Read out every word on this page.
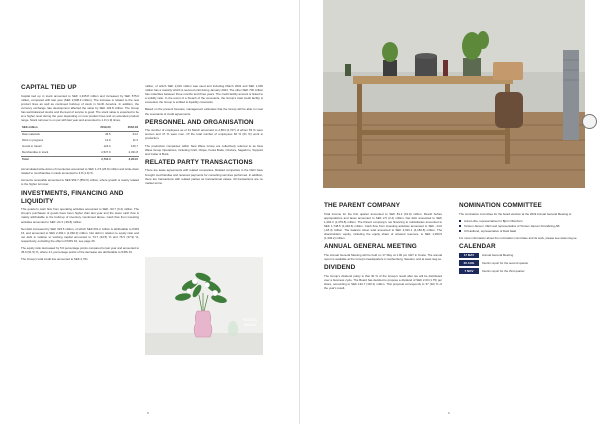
CAPITAL TIED UP

Capital tied up in stock amounted to SEK 1,345.8 million and increased by SEK 575.0 million, compared with last year (SEK 2,608.3 million). The increase is related to the new product lines as well as continued build-up of stock in North America. In addition, the currency exchange rate development affected the value by SEK 103.8 million. The Group has well-balanced stocks and the level of service is good. The stock value is expected to be at a higher level during the year depending on new product lines and an extended product range. Stock turnover is on par with last year and amounted to 1.9 (1.9) times.

SEK million	2019-03	2018-03
Raw materials	43.5	34.2
Work in progress	14.9	11.3
Goods in transit	124.0	146.7
Merchandise in stock	2,527.9	2,031.8
Total	2,710.3	2,224.0

Accumulated write-down of inventories amounted to SEK 1.2.5 (26.9) million and write-down related to merchandise in stock amounted to 3.8 (1.9) %.

Accounts receivable amounted to SEK 993.7 (854.5) million, where growth is mainly related to the higher turnover.

INVESTMENTS, FINANCING AND LIQUIDITY

This quarter's cash flow from operating activities amounted to SEK -93.7 (0.4) million. The Group's purchases of goods have been higher than last year and the lower cash flow is mainly attributable to the build-up of inventory mentioned above. Cash flow from investing activities amounted to SEK -24.3 (-39.8) million.

Net debt increased by SEK 323.5 million, of which SEK 601.2 million is attributable to IFRS 16, and amounted to SEK 2,464.1 (1,092.3) million. Net debt in relation to equity ratio and net debt in relation to working capital amounted to 73.7 (34.5) % and 76.5 (37.9) %, respectively, excluding the effect of IFRS 16, see page 26.

The equity ratio decreased by 5.6 percentage points compared to last year and amounted to 45.9 (51.5) %, where 4.1 percentage points of the decrease are attributable to IFRS 16.

The Group's total credit line amounted to SEK 2,761

million, of which SEK 2,010 million was used and including March 2022 and SEK 1,000 million has a maturity which is secured until during January 2024. The other SEK 700 million has maturities between three months and three years. The credit facility amount is linked to a solidity ratio. In the event of a breach of the covenants, the Group's total credit facility is exceeded, the Group is entitled to liquidity covenants.

Based on the present forecast, management estimates that the Group will be able to meet the covenants of credit agreements.

PERSONNEL AND ORGANISATION

The number of employees as of 31 March amounted to 2,864 (2,727) of whom 53 % were women and 47 % were men. Of the total number of employees 60 % (61 %) work in production.

The production companies within New Wave Group are collectively referred to as New Wave Group Operations, including Craft, Clique, Kosta Boda, Orrefors, Sagaform, Toppoint and Cutter & Buck.

RELATED PARTY TRANSACTIONS

There are lease agreements with related companies. Related companies in the CEO have brought merchandise and received payments for consulting services performed. In addition, there are transactions with related parties as transactional values. All transactions are on market terms.

KOSTA
BODA
8
THE PARENT COMPANY

Total income for the first quarter amounted to SEK 81.2 (61.9) million. Result before appropriations and taxes amounted to SEK 2.5 (2.4) million. Net debt amounted to SEK 1,494.3 (1,379.8) million. The Parent company's net financing to subsidiaries amounted to SEK 1,748.5 (1,434.6) million. Cash flow from investing activities amounted to SEK -14.6 (-18.4) million. The balance sheet total amounted to SEK 4,631.1 (4,184.8) million. The shareholders' equity, including the equity share of untaxed reserves, is SEK 1,393.5 (1,336.2) million.

ANNUAL GENERAL MEETING

The Annual General Meeting will be held on 17 May at 1.00 pm CET in Kosta. The annual report is available at the Group's headquarters in Gothenburg, Sweden, and at www.nwg.se.

DIVIDEND

The Group's dividend policy is that 40 % of the Group's result after tax will be distributed over a business cycle. The Board has decided to propose a dividend of SEK 2.00 (1.75) per share, amounting to SEK 132.7 (116.1) million. This proposal corresponds to 37 (32) % of the year's result.

NOMINATION COMMITTEE

The nomination committee for the board election at the 2019 Annual General Meeting is:

Anna Lithe, representative for Björn Ollonborn
Torsten Janson, CEO and representative of Torsten Janson Förvaltning AB
Ulf Hedlund, representative of Dadi Itaalt

For more information about the nomination committee and its work, please see www.nwg.se.

CALENDAR
17 MAY	Annual General Meeting
20 AUG	Interim report for the second quarter
7 NOV	Interim report for the third quarter
9
